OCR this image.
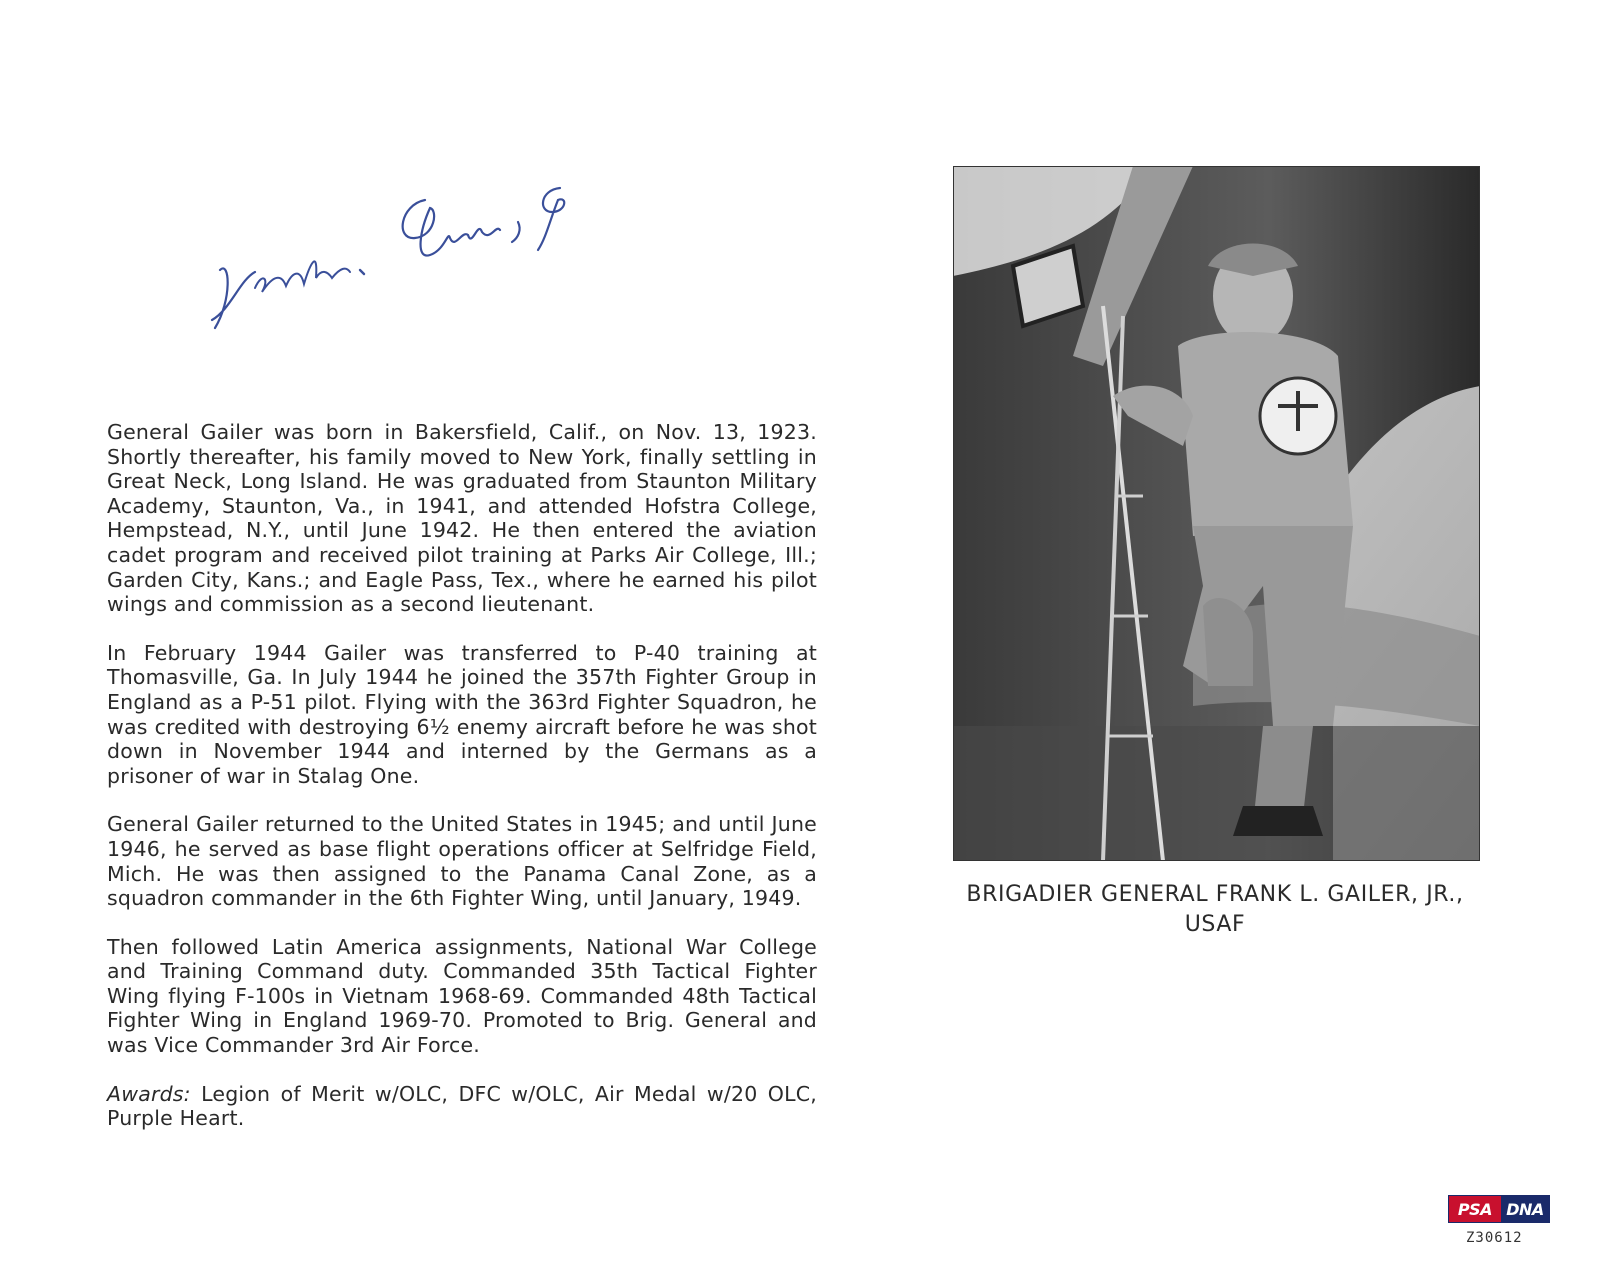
General Gailer was born in Bakersfield, Calif., on Nov. 13, 1923. Shortly thereafter, his family moved to New York, finally settling in Great Neck, Long Island. He was graduated from Staunton Military Academy, Staunton, Va., in 1941, and attended Hofstra College, Hempstead, N.Y., until June 1942. He then entered the aviation cadet program and received pilot training at Parks Air College, Ill.; Garden City, Kans.; and Eagle Pass, Tex., where he earned his pilot wings and commission as a second lieutenant.

In February 1944 Gailer was transferred to P-40 training at Thomasville, Ga. In July 1944 he joined the 357th Fighter Group in England as a P-51 pilot. Flying with the 363rd Fighter Squadron, he was credited with destroying 6½ enemy aircraft before he was shot down in November 1944 and interned by the Germans as a prisoner of war in Stalag One.

General Gailer returned to the United States in 1945; and until June 1946, he served as base flight operations officer at Selfridge Field, Mich. He was then assigned to the Panama Canal Zone, as a squadron commander in the 6th Fighter Wing, until January, 1949.

Then followed Latin America assignments, National War College and Training Command duty. Commanded 35th Tactical Fighter Wing flying F-100s in Vietnam 1968-69. Commanded 48th Tactical Fighter Wing in England 1969-70. Promoted to Brig. General and was Vice Commander 3rd Air Force.

Awards: Legion of Merit w/OLC, DFC w/OLC, Air Medal w/20 OLC, Purple Heart.

BRIGADIER GENERAL FRANK L. GAILER, JR.,
USAF
PSA DNA
Z30612
